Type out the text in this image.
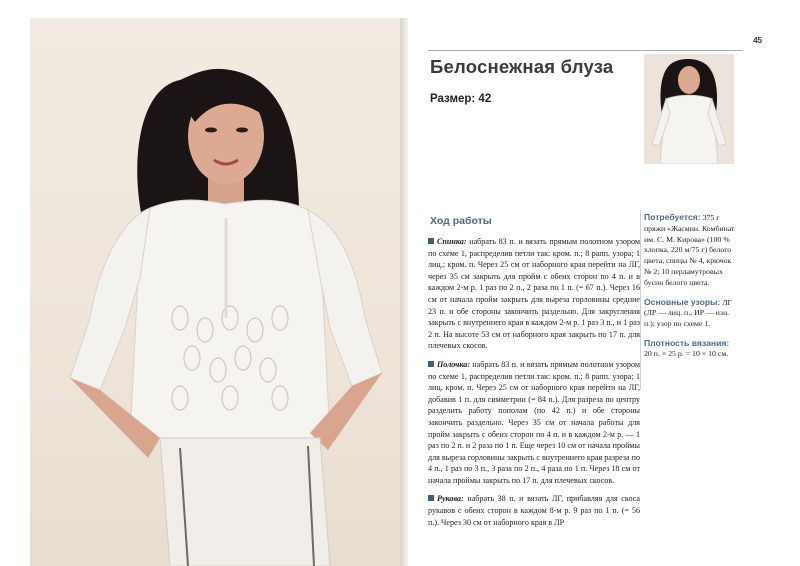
45
Белоснежная блуза
Размер: 42
Ход работы

Спинка: набрать 83 п. и вязать прямым полотном узором по схеме 1, распределив петли так: кром. п.; 8 рапп. узора; 1 лиц.; кром. п. Через 25 см от наборного края перейти на ЛГ, через 35 см закрыть для пройм с обеих сторон по 4 п. и в каждом 2-м р. 1 раз по 2 п., 2 раза по 1 п. (= 67 п.). Через 16 см от начала пройм закрыть для выреза горловины средние 23 п. и обе стороны закончить раздельно. Для закругления закрыть с внутреннего края в каждом 2-м р. 1 раз 3 п., и 1 раз 2 п. На высоте 53 см от наборного края закрыть по 17 п. для плечевых скосов.

Полочка: набрать 83 п. и вязать прямым полотном узором по схеме 1, распределив петли так: кром. п.; 8 рапп. узора; 1 лиц. кром. п. Через 25 см от наборного края перейти на ЛГ, добавив 1 п. для симметрии (= 84 п.). Для разреза по центру разделить работу пополам (по 42 п.) и обе стороны закончить раздельно. Через 35 см от начала работы для пройм закрыть с обеих сторон по 4 п. и в каждом 2-м р. — 1 раз по 2 п. и 2 раза по 1 п. Еще через 10 см от начала проймы для выреза горловины закрыть с внутреннего края разреза по 4 п., 1 раз по 3 п., 3 раза по 2 п., 4 раза по 1 п. Через 18 см от начала проймы закрыть по 17 п. для плечевых скосов.

Рукава: набрать 38 п. и вязать ЛГ, прибавляя для скоса рукавов с обеих сторон в каждом 8-м р. 9 раз по 1 п. (= 56 п.). Через 30 см от наборного края в ЛР

Потребуется: 375 г пряжи «Жасмин. Комбинат им. С. М. Кирова» (100 % хлопка, 220 м/75 г) белого цвета, спицы № 4, крючок № 2; 10 перламутровых бусин белого цвета.
Основные узоры: ЛГ (ЛР — лиц. п., ИР — изн. п.); узор по схеме 1.
Плотность вязания:
20 п. × 25 р. = 10 × 10 см.
